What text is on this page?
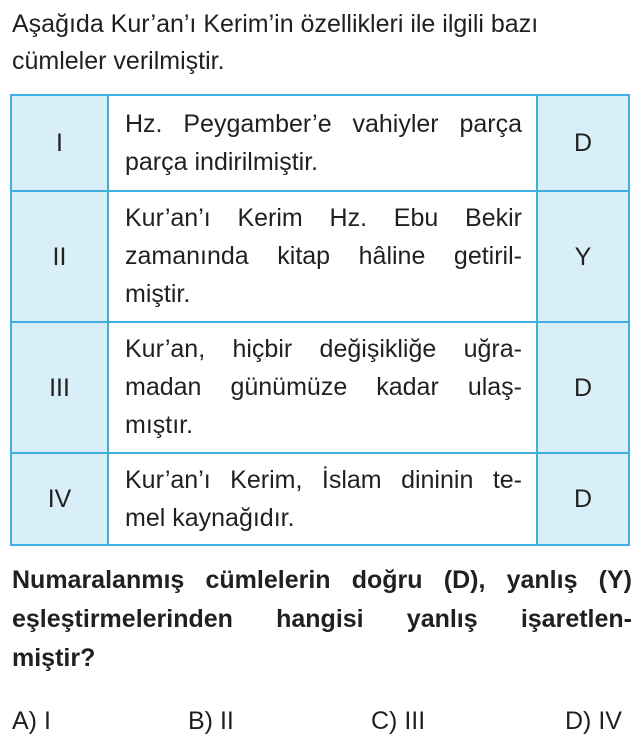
Aşağıda Kur’an’ı Kerim’in özellikleri ile ilgili bazı
cümleler verilmiştir.
I	Hz. Peygamber’e vahiyler parça
parça indirilmiştir.	D
II	Kur’an’ı Kerim Hz. Ebu Bekir
zamanında kitap hâline getiril-
miştir.	Y
III	Kur’an, hiçbir değişikliğe uğra-
madan günümüze kadar ulaş-
mıştır.	D
IV	Kur’an’ı Kerim, İslam dininin te-
mel kaynağıdır.	D
Numaralanmış cümlelerin doğru (D), yanlış (Y)
eşleştirmelerinden hangisi yanlış işaretlen-
miştir?
A) I	B) II	C) III	D) IV
